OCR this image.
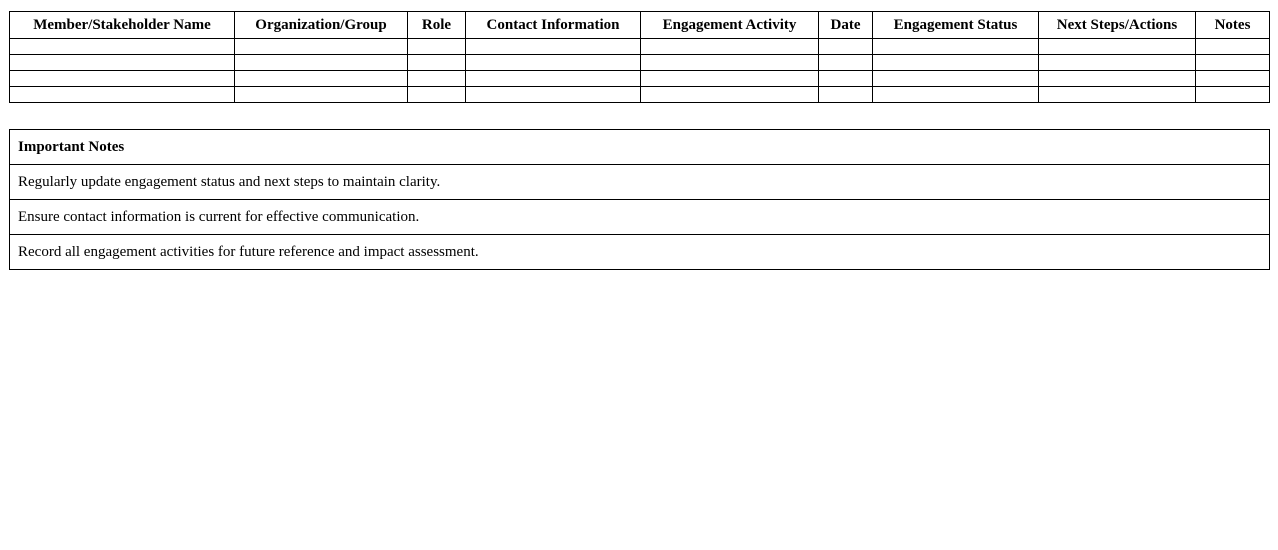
Member/Stakeholder Name	Organization/Group	Role	Contact Information	Engagement Activity	Date	Engagement Status	Next Steps/Actions	Notes

Important Notes
Regularly update engagement status and next steps to maintain clarity.
Ensure contact information is current for effective communication.
Record all engagement activities for future reference and impact assessment.
